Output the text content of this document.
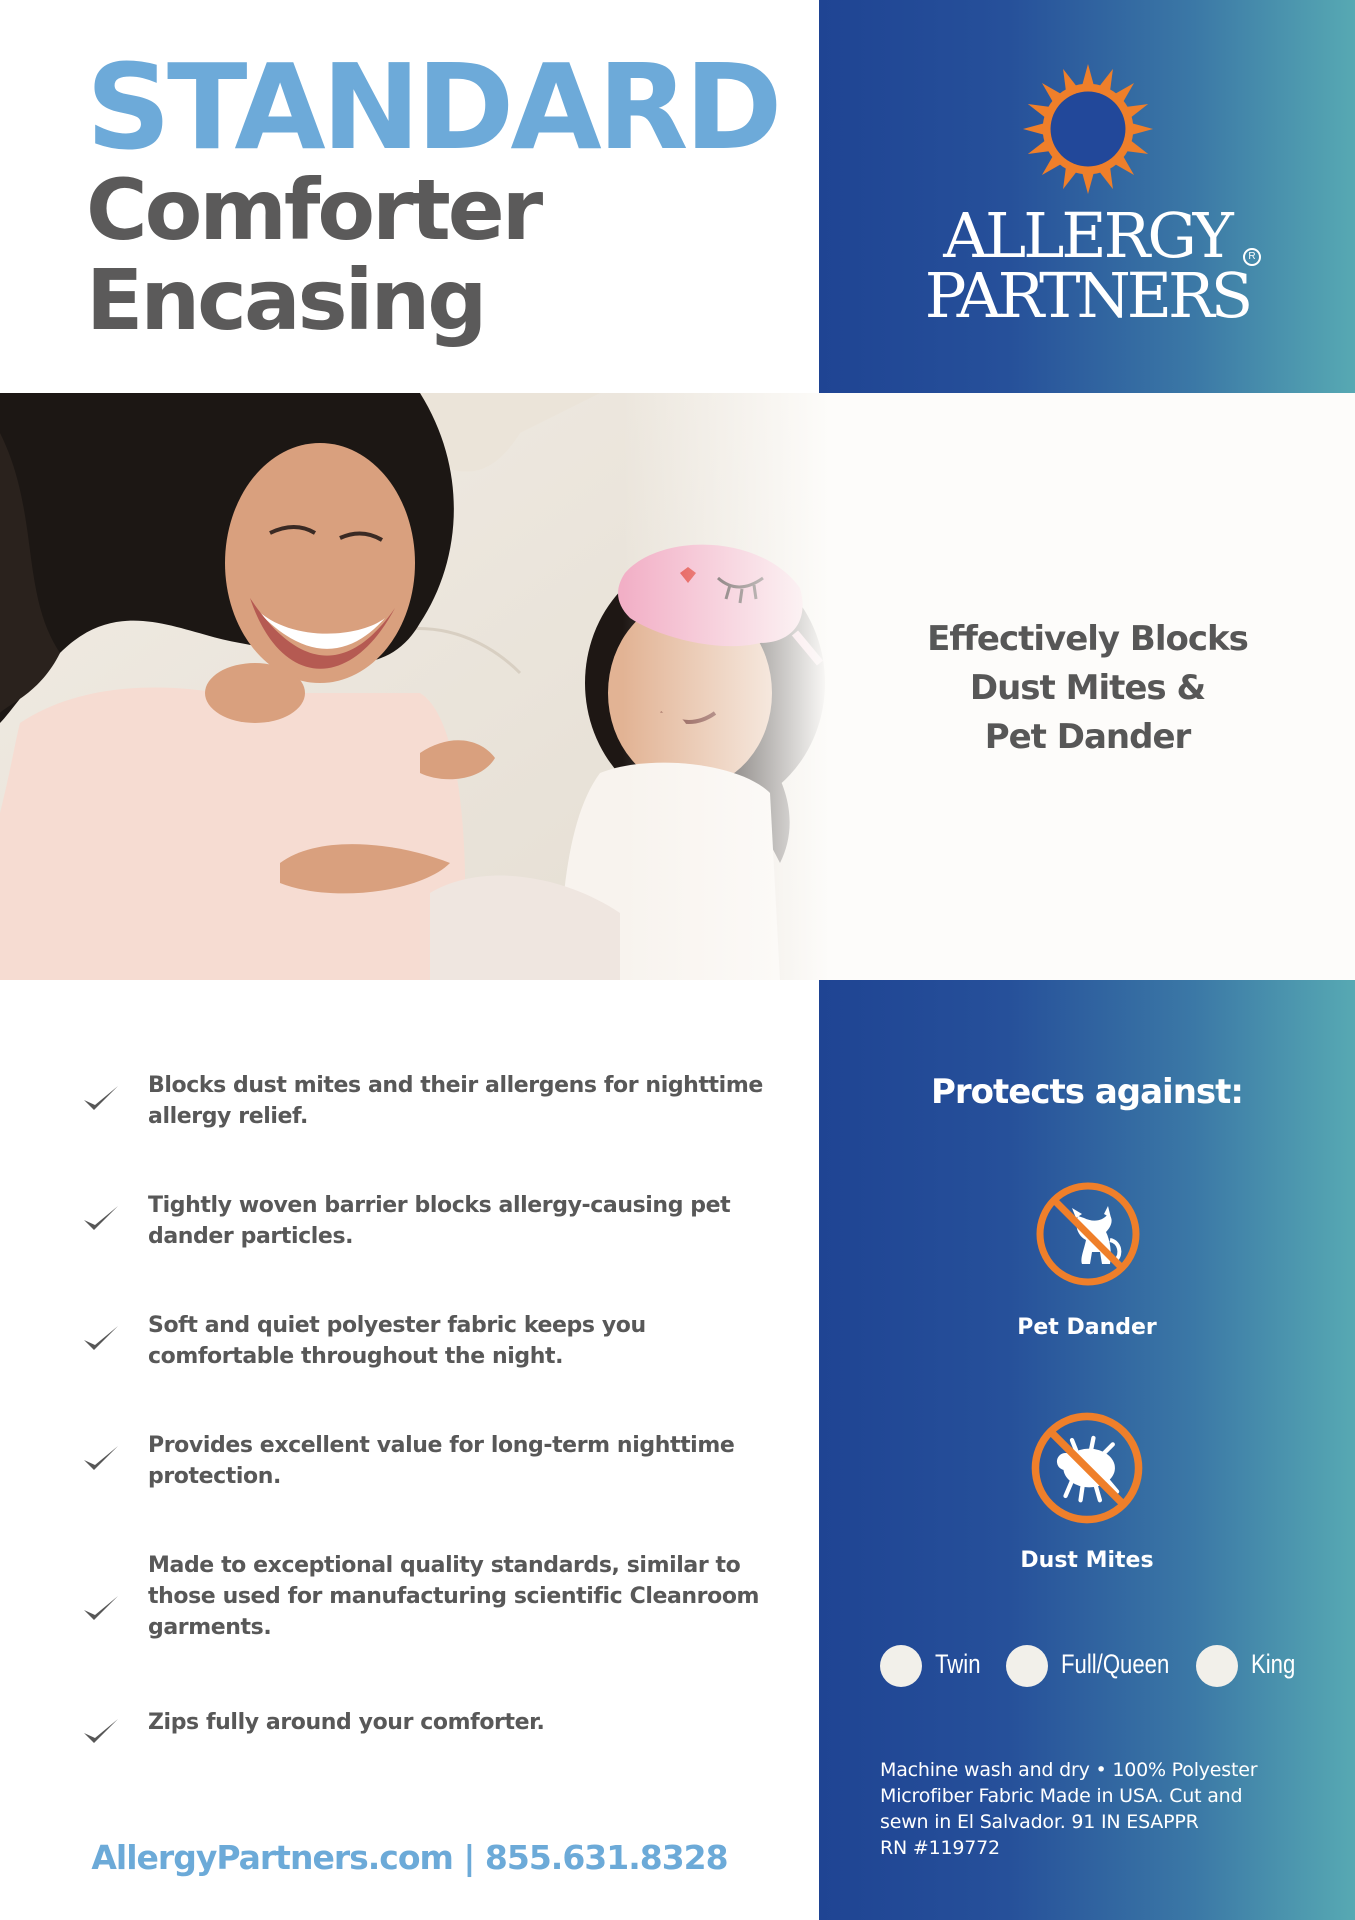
STANDARD
Comforter
Encasing
ALLERGY
PARTNERS
R
Effectively Blocks
Dust Mites &
Pet Dander
Blocks dust mites and their allergens for nighttime
allergy relief.
Tightly woven barrier blocks allergy-causing pet
dander particles.
Soft and quiet polyester fabric keeps you
comfortable throughout the night.
Provides excellent value for long-term nighttime
protection.
Made to exceptional quality standards, similar to
those used for manufacturing scientific Cleanroom
garments.
Zips fully around your comforter.
AllergyPartners.com | 855.631.8328
Protects against:
Pet Dander
Dust Mites
Twin	Full/Queen	King
Machine wash and dry • 100% Polyester
Microfiber Fabric Made in USA. Cut and
sewn in El Salvador. 91 IN ESAPPR
RN #119772
